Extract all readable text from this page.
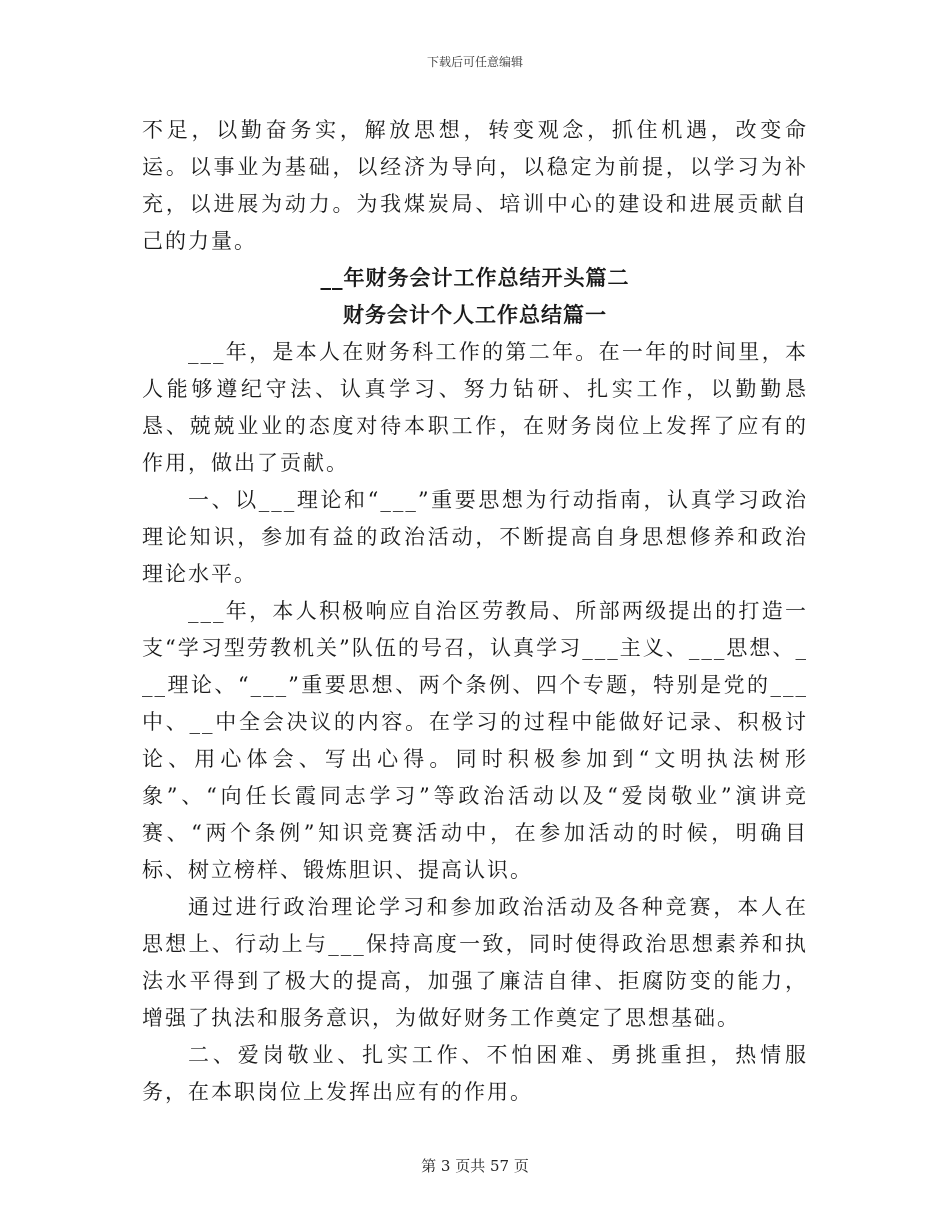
下载后可任意编辑

不足，以勤奋务实，解放思想，转变观念，抓住机遇，改变命运。以事业为基础，以经济为导向，以稳定为前提，以学习为补充，以进展为动力。为我煤炭局、培训中心的建设和进展贡献自己的力量。

__年财务会计工作总结开头篇二
财务会计个人工作总结篇一

___年，是本人在财务科工作的第二年。在一年的时间里，本人能够遵纪守法、认真学习、努力钻研、扎实工作，以勤勤恳恳、兢兢业业的态度对待本职工作，在财务岗位上发挥了应有的作用，做出了贡献。

一、以___理论和“___”重要思想为行动指南，认真学习政治理论知识，参加有益的政治活动，不断提高自身思想修养和政治理论水平。

___年，本人积极响应自治区劳教局、所部两级提出的打造一支“学习型劳教机关”队伍的号召，认真学习___主义、___思想、___理论、“___”重要思想、两个条例、四个专题，特别是党的___中、__中全会决议的内容。在学习的过程中能做好记录、积极讨论、用心体会、写出心得。同时积极参加到“文明执法树形象”、“向任长霞同志学习”等政治活动以及“爱岗敬业”演讲竞赛、“两个条例”知识竞赛活动中，在参加活动的时候，明确目标、树立榜样、锻炼胆识、提高认识。

通过进行政治理论学习和参加政治活动及各种竞赛，本人在思想上、行动上与___保持高度一致，同时使得政治思想素养和执法水平得到了极大的提高，加强了廉洁自律、拒腐防变的能力，增强了执法和服务意识，为做好财务工作奠定了思想基础。

二、爱岗敬业、扎实工作、不怕困难、勇挑重担，热情服务，在本职岗位上发挥出应有的作用。

第 3 页共 57 页
